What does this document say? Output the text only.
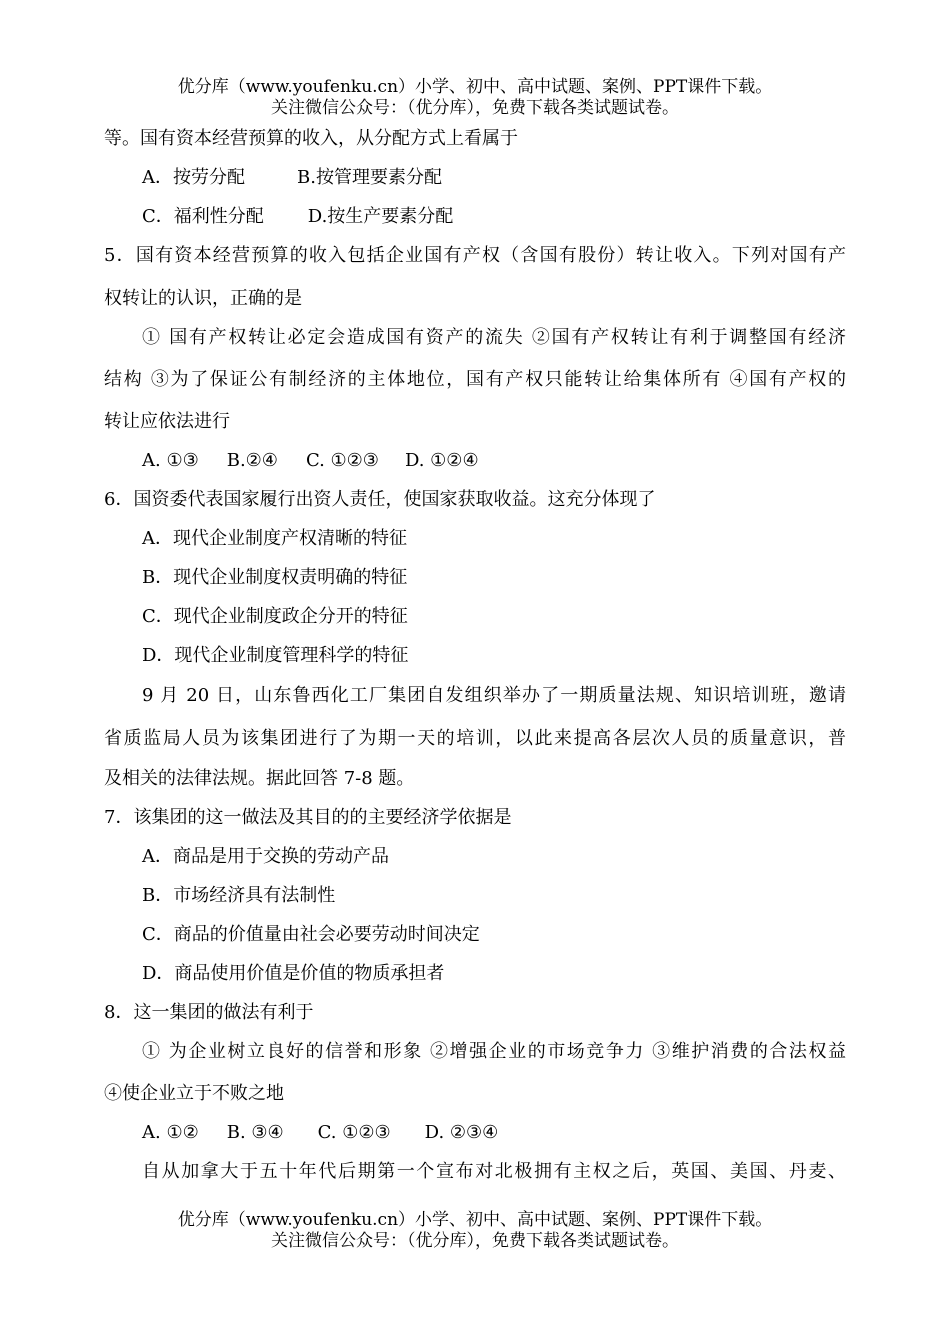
优分库（www.youfenku.cn）小学、初中、高中试题、案例、PPT课件下载。
关注微信公众号：（优分库），免费下载各类试题试卷。
等。国有资本经营预算的收入，从分配方式上看属于
A．按劳分配	B.按管理要素分配
C．福利性分配 D.按生产要素分配
5．国有资本经营预算的收入包括企业国有产权（含国有股份）转让收入。下列对国有产
权转让的认识，正确的是
① 国有产权转让必定会造成国有资产的流失 ②国有产权转让有利于调整国有经济
结构 ③为了保证公有制经济的主体地位，国有产权只能转让给集体所有 ④国有产权的
转让应依法进行
A. ①③ B.②④ C. ①②③ D. ①②④
6．国资委代表国家履行出资人责任，使国家获取收益。这充分体现了
A．现代企业制度产权清晰的特征
B．现代企业制度权责明确的特征
C．现代企业制度政企分开的特征
D．现代企业制度管理科学的特征
9 月 20 日，山东鲁西化工厂集团自发组织举办了一期质量法规、知识培训班，邀请
省质监局人员为该集团进行了为期一天的培训，以此来提高各层次人员的质量意识，普
及相关的法律法规。据此回答 7-8 题。
7．该集团的这一做法及其目的的主要经济学依据是
A．商品是用于交换的劳动产品
B．市场经济具有法制性
C．商品的价值量由社会必要劳动时间决定
D．商品使用价值是价值的物质承担者
8．这一集团的做法有利于
① 为企业树立良好的信誉和形象 ②增强企业的市场竞争力 ③维护消费的合法权益
④使企业立于不败之地
A. ①② B. ③④ C. ①②③ D. ②③④
自从加拿大于五十年代后期第一个宣布对北极拥有主权之后，英国、美国、丹麦、
优分库（www.youfenku.cn）小学、初中、高中试题、案例、PPT课件下载。
关注微信公众号：（优分库），免费下载各类试题试卷。
